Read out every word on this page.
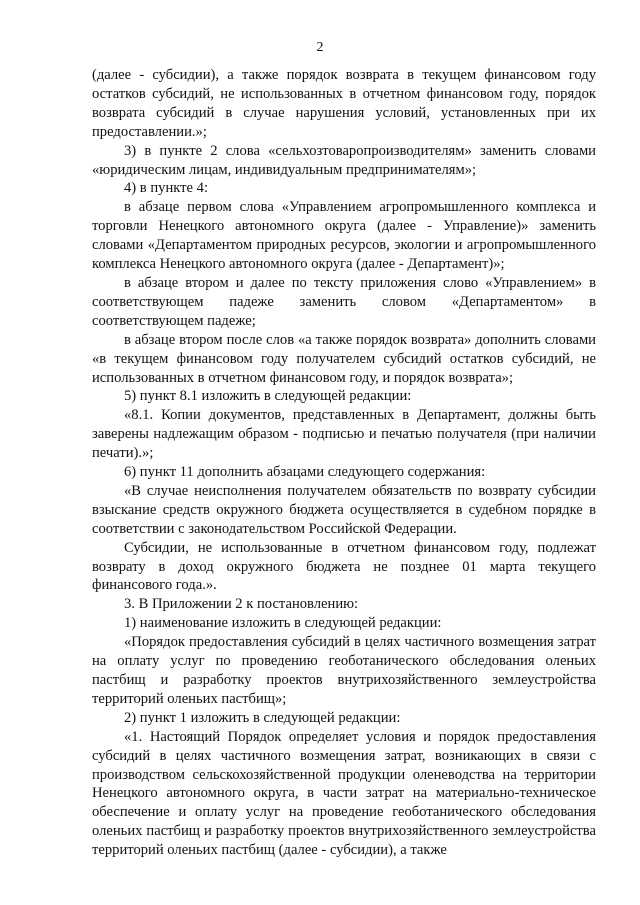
2

(далее - субсидии), а также порядок возврата в текущем финансовом году остатков субсидий, не использованных в отчетном финансовом году, порядок возврата субсидий в случае нарушения условий, установленных при их предоставлении.»;

3) в пункте 2 слова «сельхозтоваропроизводителям» заменить словами «юридическим лицам, индивидуальным предпринимателям»;

4) в пункте 4:

в абзаце первом слова «Управлением агропромышленного комплекса и торговли Ненецкого автономного округа (далее - Управление)» заменить словами «Департаментом природных ресурсов, экологии и агропромышленного комплекса Ненецкого автономного округа (далее - Департамент)»;

в абзаце втором и далее по тексту приложения слово «Управлением» в соответствующем падеже заменить словом «Департаментом» в соответствующем падеже;

в абзаце втором после слов «а также порядок возврата» дополнить словами «в текущем финансовом году получателем субсидий остатков субсидий, не использованных в отчетном финансовом году, и порядок возврата»;

5) пункт 8.1 изложить в следующей редакции:

«8.1. Копии документов, представленных в Департамент, должны быть заверены надлежащим образом - подписью и печатью получателя (при наличии печати).»;

6) пункт 11 дополнить абзацами следующего содержания:

«В случае неисполнения получателем обязательств по возврату субсидии взыскание средств окружного бюджета осуществляется в судебном порядке в соответствии с законодательством Российской Федерации.

Субсидии, не использованные в отчетном финансовом году, подлежат возврату в доход окружного бюджета не позднее 01 марта текущего финансового года.».

3. В Приложении 2 к постановлению:

1) наименование изложить в следующей редакции:

«Порядок предоставления субсидий в целях частичного возмещения затрат на оплату услуг по проведению геоботанического обследования оленьих пастбищ и разработку проектов внутрихозяйственного землеустройства территорий оленьих пастбищ»;

2) пункт 1 изложить в следующей редакции:

«1. Настоящий Порядок определяет условия и порядок предоставления субсидий в целях частичного возмещения затрат, возникающих в связи с производством сельскохозяйственной продукции оленеводства на территории Ненецкого автономного округа, в части затрат на материально-техническое обеспечение и оплату услуг на проведение геоботанического обследования оленьих пастбищ и разработку проектов внутрихозяйственного землеустройства территорий оленьих пастбищ (далее - субсидии), а также
